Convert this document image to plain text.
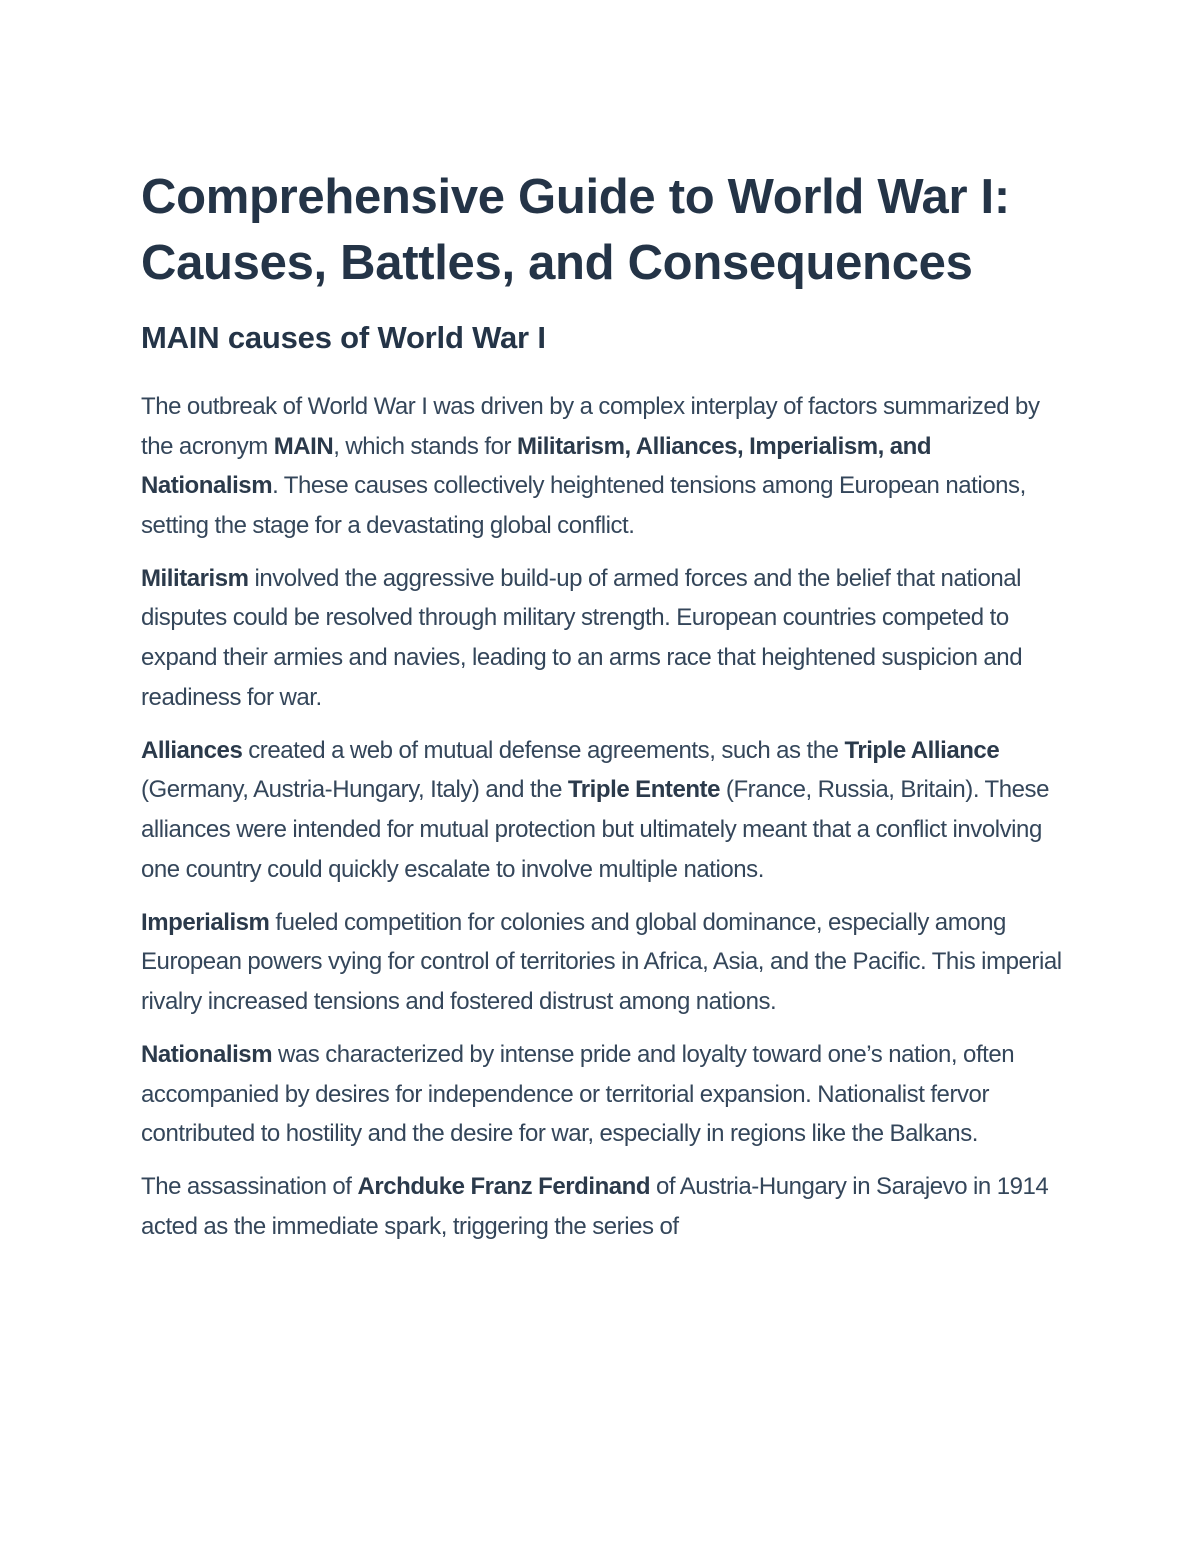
Comprehensive Guide to World War I:
Causes, Battles, and Consequences
MAIN causes of World War I

The outbreak of World War I was driven by a complex interplay of factors summarized by the acronym MAIN, which stands for Militarism, Alliances, Imperialism, and Nationalism. These causes collectively heightened tensions among European nations, setting the stage for a devastating global conflict.

Militarism involved the aggressive build-up of armed forces and the belief that national disputes could be resolved through military strength. European countries competed to expand their armies and navies, leading to an arms race that heightened suspicion and readiness for war.

Alliances created a web of mutual defense agreements, such as the Triple Alliance (Germany, Austria-Hungary, Italy) and the Triple Entente (France, Russia, Britain). These alliances were intended for mutual protection but ultimately meant that a conflict involving one country could quickly escalate to involve multiple nations.

Imperialism fueled competition for colonies and global dominance, especially among European powers vying for control of territories in Africa, Asia, and the Pacific. This imperial rivalry increased tensions and fostered distrust among nations.

Nationalism was characterized by intense pride and loyalty toward one’s nation, often accompanied by desires for independence or territorial expansion. Nationalist fervor contributed to hostility and the desire for war, especially in regions like the Balkans.

The assassination of Archduke Franz Ferdinand of Austria-Hungary in Sarajevo in 1914 acted as the immediate spark, triggering the series of
